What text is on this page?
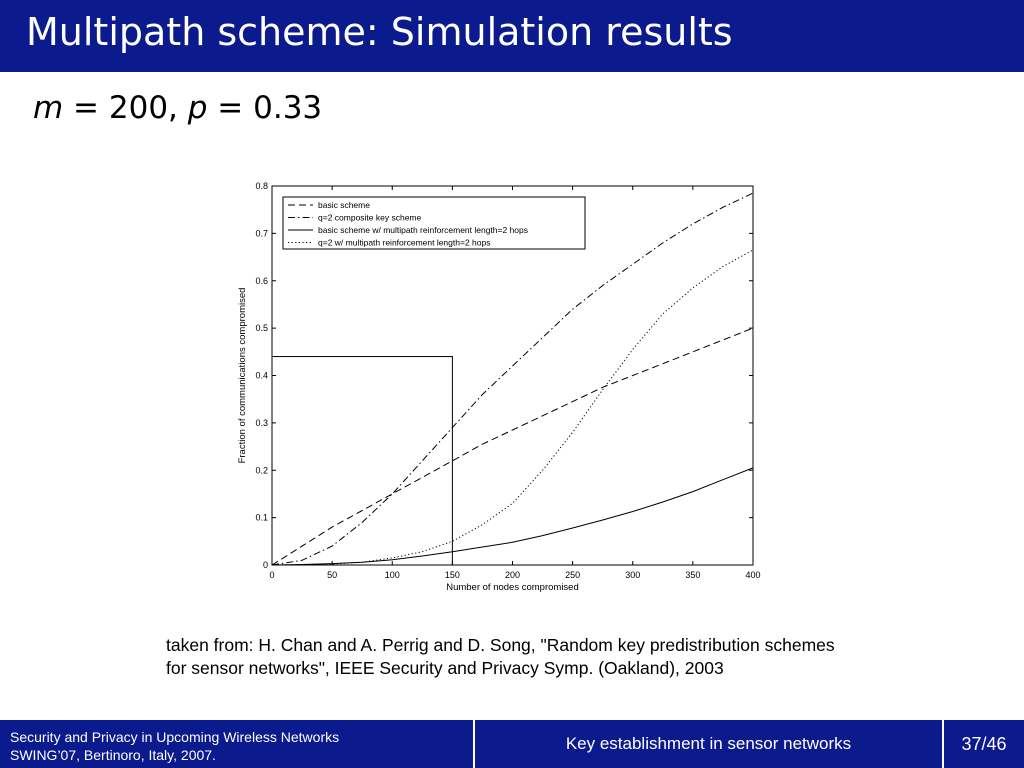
Multipath scheme: Simulation results
m = 200, p = 0.33
0	50	100	150	200	250	300	350	400
0
0.1
0.2
0.3
0.4
0.5
0.6
0.7
0.8
Number of nodes compromised
Fraction of communications compromised
basic scheme
q=2 composite key scheme
basic scheme w/ multipath reinforcement length=2 hops
q=2 w/ multipath reinforcement length=2 hops
taken from: H. Chan and A. Perrig and D. Song, "Random key predistribution schemes for sensor networks", IEEE Security and Privacy Symp. (Oakland), 2003
Security and Privacy in Upcoming Wireless Networks
SWING’07, Bertinoro, Italy, 2007.
Key establishment in sensor networks	37/46
